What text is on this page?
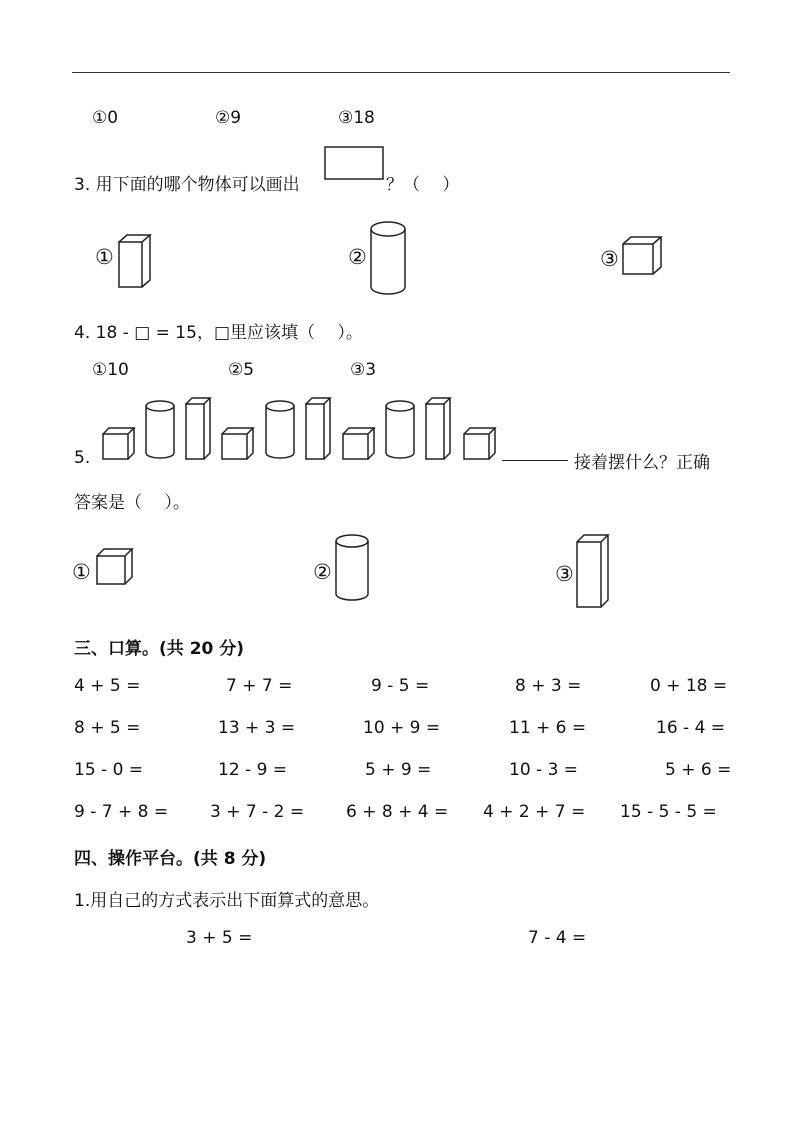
①0	②9	③18
3. 用下面的哪个物体可以画出	？（　 ）
①	②	③
4. 18 - □ = 15，□里应该填（　 ）。
①10	②5	③3
5.	接着摆什么？正确
答案是（　 ）。
①	②	③
三、口算。(共 20 分)
4 + 5 =	7 + 7 =	9 - 5 =	8 + 3 =	0 + 18 =
8 + 5 =	13 + 3 =	10 + 9 =	11 + 6 =	16 - 4 =
15 - 0 =	12 - 9 =	5 + 9 =	10 - 3 =	5 + 6 =
9 - 7 + 8 = 3 + 7 - 2 = 6 + 8 + 4 = 4 + 2 + 7 = 15 - 5 - 5 =
四、操作平台。(共 8 分)
1.用自己的方式表示出下面算式的意思。
3 + 5 =	7 - 4 =
